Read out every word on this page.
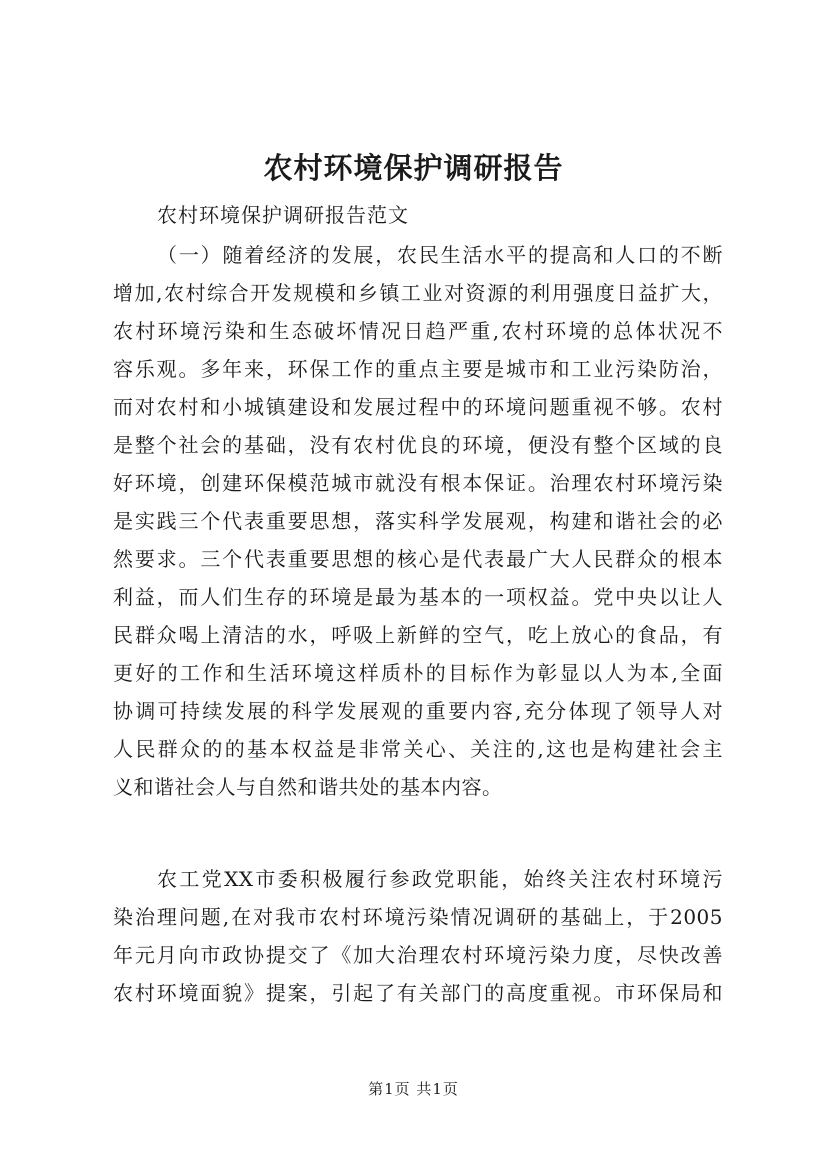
农村环境保护调研报告
农村环境保护调研报告范文
（一）随着经济的发展，农民生活水平的提高和人口的不断
增加,农村综合开发规模和乡镇工业对资源的利用强度日益扩大，
农村环境污染和生态破坏情况日趋严重,农村环境的总体状况不
容乐观。多年来，环保工作的重点主要是城市和工业污染防治，
而对农村和小城镇建设和发展过程中的环境问题重视不够。农村
是整个社会的基础，没有农村优良的环境，便没有整个区域的良
好环境，创建环保模范城市就没有根本保证。治理农村环境污染
是实践三个代表重要思想，落实科学发展观，构建和谐社会的必
然要求。三个代表重要思想的核心是代表最广大人民群众的根本
利益，而人们生存的环境是最为基本的一项权益。党中央以让人
民群众喝上清洁的水，呼吸上新鲜的空气，吃上放心的食品，有
更好的工作和生活环境这样质朴的目标作为彰显以人为本,全面
协调可持续发展的科学发展观的重要内容,充分体现了领导人对
人民群众的的基本权益是非常关心、关注的,这也是构建社会主
义和谐社会人与自然和谐共处的基本内容。
农工党XX市委积极履行参政党职能，始终关注农村环境污
染治理问题,在对我市农村环境污染情况调研的基础上，于2005
年元月向市政协提交了《加大治理农村环境污染力度，尽快改善
农村环境面貌》提案，引起了有关部门的高度重视。市环保局和
第1页 共1页
